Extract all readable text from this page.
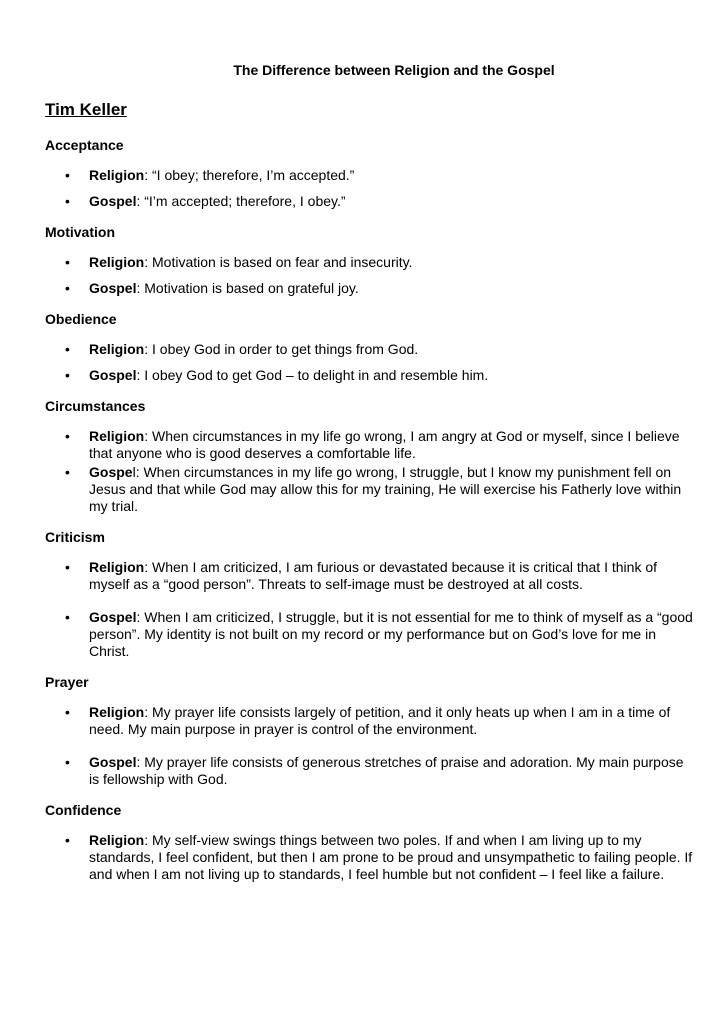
The Difference between Religion and the Gospel
Tim Keller
Acceptance
• Religion: “I obey; therefore, I’m accepted.”
• Gospel: “I’m accepted; therefore, I obey.”
Motivation
• Religion: Motivation is based on fear and insecurity.
• Gospel: Motivation is based on grateful joy.
Obedience
• Religion: I obey God in order to get things from God.
• Gospel: I obey God to get God – to delight in and resemble him.
Circumstances
• Religion: When circumstances in my life go wrong, I am angry at God or myself, since I believe that anyone who is good deserves a comfortable life.
• Gospel: When circumstances in my life go wrong, I struggle, but I know my punishment fell on Jesus and that while God may allow this for my training, He will exercise his Fatherly love within my trial.
Criticism
• Religion: When I am criticized, I am furious or devastated because it is critical that I think of myself as a “good person”. Threats to self-image must be destroyed at all costs.
• Gospel: When I am criticized, I struggle, but it is not essential for me to think of myself as a “good person”. My identity is not built on my record or my performance but on God’s love for me in Christ.
Prayer
• Religion: My prayer life consists largely of petition, and it only heats up when I am in a time of need. My main purpose in prayer is control of the environment.
• Gospel: My prayer life consists of generous stretches of praise and adoration. My main purpose is fellowship with God.
Confidence
• Religion: My self-view swings things between two poles. If and when I am living up to my standards, I feel confident, but then I am prone to be proud and unsympathetic to failing people. If and when I am not living up to standards, I feel humble but not confident – I feel like a failure.
